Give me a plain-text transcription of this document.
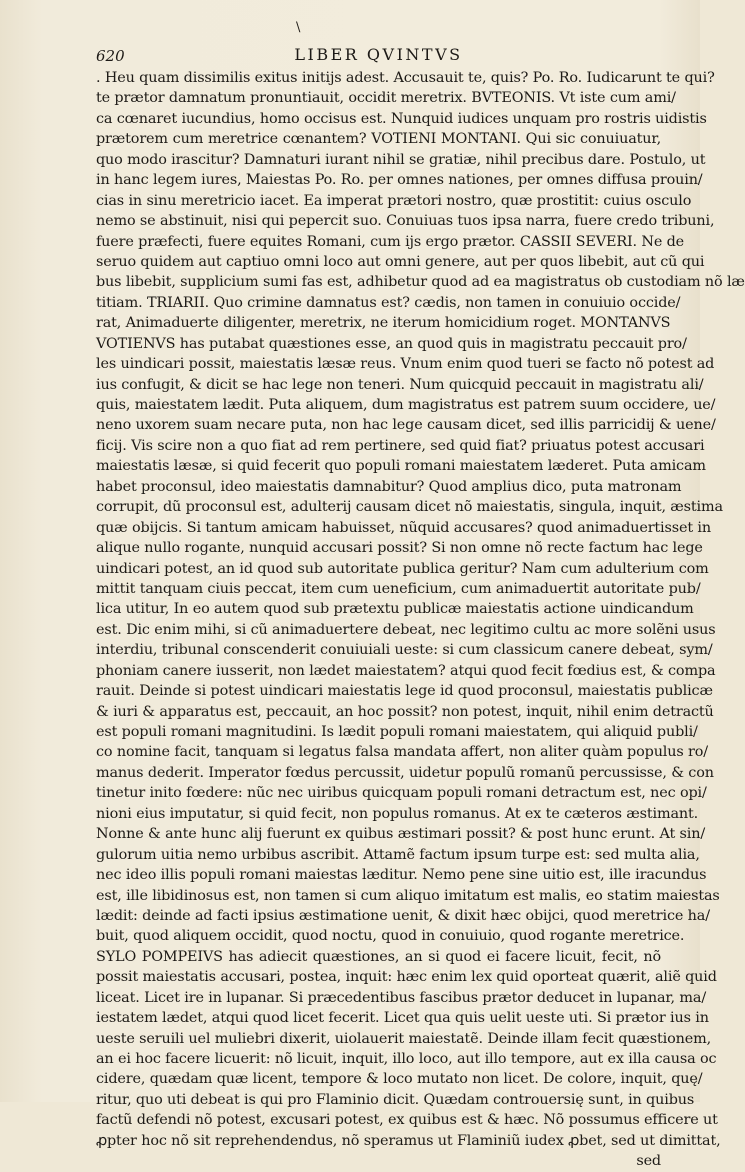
\
620	LIBER QVINTVS
. Heu quam dissimilis exitus initijs adest. Accusauit te, quis? Po. Ro. Iudicarunt te qui?
te prætor damnatum pronuntiauit, occidit meretrix. BVTEONIS. Vt iste cum ami/
ca cœnaret iucundius, homo occisus est. Nunquid iudices unquam pro rostris uidistis
prætorem cum meretrice cœnantem? VOTIENI MONTANI. Qui sic conuiuatur,
quo modo irascitur? Damnaturi iurant nihil se gratiæ, nihil precibus dare. Postulo, ut
in hanc legem iures, Maiestas Po. Ro. per omnes nationes, per omnes diffusa prouin/
cias in sinu meretricio iacet. Ea imperat prætori nostro, quæ prostitit: cuius osculo
nemo se abstinuit, nisi qui pepercit suo. Conuiuas tuos ipsa narra, fuere credo tribuni,
fuere præfecti, fuere equites Romani, cum ijs ergo prætor. CASSII SEVERI. Ne de
seruo quidem aut captiuo omni loco aut omni genere, aut per quos libebit, aut cũ qui
bus libebit, supplicium sumi fas est, adhibetur quod ad ea magistratus ob custodiam nõ læ
titiam. TRIARII. Quo crimine damnatus est? cædis, non tamen in conuiuio occide/
rat, Animaduerte diligenter, meretrix, ne iterum homicidium roget. MONTANVS
VOTIENVS has putabat quæstiones esse, an quod quis in magistratu peccauit pro/
les uindicari possit, maiestatis læsæ reus. Vnum enim quod tueri se facto nõ potest ad
ius confugit, & dicit se hac lege non teneri. Num quicquid peccauit in magistratu ali/
quis, maiestatem lædit. Puta aliquem, dum magistratus est patrem suum occidere, ue/
neno uxorem suam necare puta, non hac lege causam dicet, sed illis parricidij & uene/
ficij. Vis scire non a quo fiat ad rem pertinere, sed quid fiat? priuatus potest accusari
maiestatis læsæ, si quid fecerit quo populi romani maiestatem læderet. Puta amicam
habet proconsul, ideo maiestatis damnabitur? Quod amplius dico, puta matronam
corrupit, dũ proconsul est, adulterij causam dicet nõ maiestatis, singula, inquit, æstima
quæ obijcis. Si tantum amicam habuisset, nũquid accusares? quod animaduertisset in
alique nullo rogante, nunquid accusari possit? Si non omne nõ recte factum hac lege
uindicari potest, an id quod sub autoritate publica geritur? Nam cum adulterium com
mittit tanquam ciuis peccat, item cum ueneficium, cum animaduertit autoritate pub/
lica utitur, In eo autem quod sub prætextu publicæ maiestatis actione uindicandum
est. Dic enim mihi, si cũ animaduertere debeat, nec legitimo cultu ac more solẽni usus
interdiu, tribunal conscenderit conuiuiali ueste: si cum classicum canere debeat, sym/
phoniam canere iusserit, non lædet maiestatem? atqui quod fecit fœdius est, & compa
rauit. Deinde si potest uindicari maiestatis lege id quod proconsul, maiestatis publicæ
& iuri & apparatus est, peccauit, an hoc possit? non potest, inquit, nihil enim detractũ
est populi romani magnitudini. Is lædit populi romani maiestatem, qui aliquid publi/
co nomine facit, tanquam si legatus falsa mandata affert, non aliter quàm populus ro/
manus dederit. Imperator fœdus percussit, uidetur populũ romanũ percussisse, & con
tinetur inito fœdere: nũc nec uiribus quicquam populi romani detractum est, nec opi/
nioni eius imputatur, si quid fecit, non populus romanus. At ex te cæteros æstimant.
Nonne & ante hunc alij fuerunt ex quibus æstimari possit? & post hunc erunt. At sin/
gulorum uitia nemo urbibus ascribit. Attamẽ factum ipsum turpe est: sed multa alia,
nec ideo illis populi romani maiestas læditur. Nemo pene sine uitio est, ille iracundus
est, ille libidinosus est, non tamen si cum aliquo imitatum est malis, eo statim maiestas
lædit: deinde ad facti ipsius æstimatione uenit, & dixit hæc obijci, quod meretrice ha/
buit, quod aliquem occidit, quod noctu, quod in conuiuio, quod rogante meretrice.
SYLO POMPEIVS has adiecit quæstiones, an si quod ei facere licuit, fecit, nõ
possit maiestatis accusari, postea, inquit: hæc enim lex quid oporteat quærit, aliẽ quid
liceat. Licet ire in lupanar. Si præcedentibus fascibus prætor deducet in lupanar, ma/
iestatem lædet, atqui quod licet fecerit. Licet qua quis uelit ueste uti. Si prætor ius in
ueste seruili uel muliebri dixerit, uiolauerit maiestatẽ. Deinde illam fecit quæstionem,
an ei hoc facere licuerit: nõ licuit, inquit, illo loco, aut illo tempore, aut ex illa causa oc
cidere, quædam quæ licent, tempore & loco mutato non licet. De colore, inquit, quę/
ritur, quo uti debeat is qui pro Flaminio dicit. Quædam controuersię sunt, in quibus
factũ defendi nõ potest, excusari potest, ex quibus est & hæc. Nõ possumus efficere ut
ꝓpter hoc nõ sit reprehendendus, nõ speramus ut Flaminiũ iudex ꝓbet, sed ut dimittat,
sed
